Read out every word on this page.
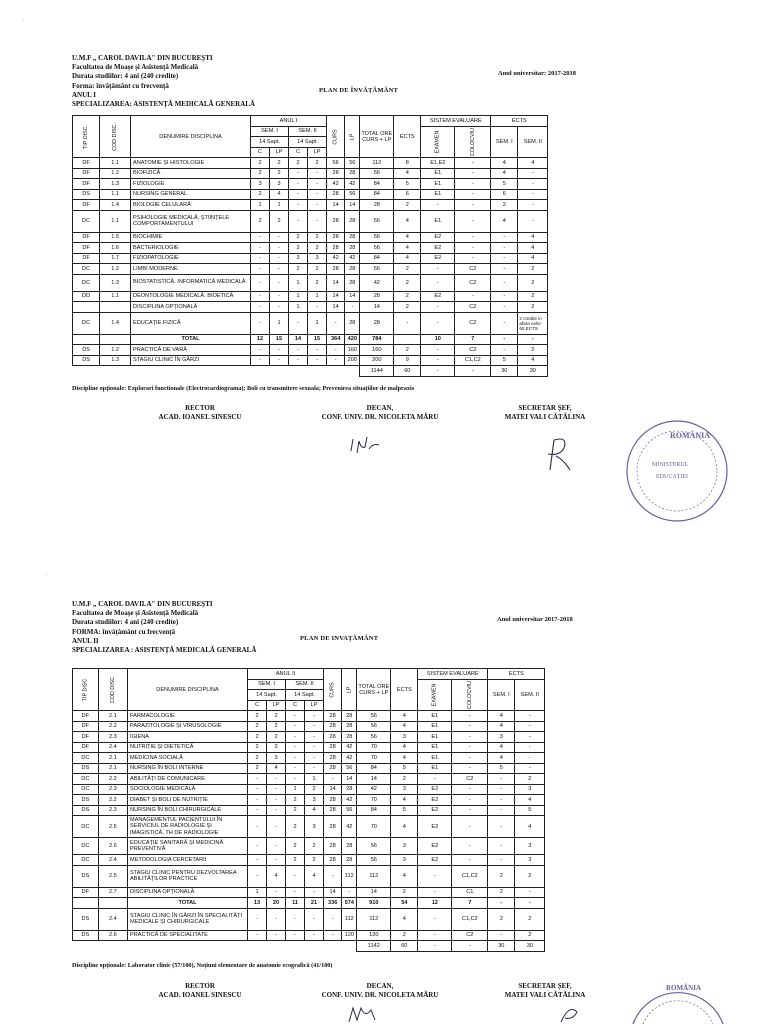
U.M.F „ CAROL DAVILA" DIN BUCUREȘTI
Facultatea de Moașe și Asistență Medicală
Durata studiilor: 4 ani (240 credite)
Forma: învățământ cu frecvență
ANUL I
SPECIALIZAREA: ASISTENȚĂ MEDICALĂ GENERALĂ
Anul universitar: 2017-2018
PLAN DE ÎNVĂȚĂMÂNT
TIP DISC.	COD DISC.	DENUMIRE DISCIPLINA	ANUL I				CURS	LP	TOTAL ORE CURS + LP	ECTS	SISTEM EVALUARE		ECTS	
			SEM. I		SEM. II						EXAMEN	COLOCVIU	SEM. I	SEM. II
			14 Sapt.		14 Sapt.									
			C	LP	C	LP								
DF	1.1	ANATOMIE ȘI HISTOLOGIE	2	2	2	2	56	56	112	8	E1,E2	-	4	4
DF	1.2	BIOFIZICĂ	2	2	-	-	28	28	56	4	E1	-	4	-
DF	1.3	FIZIOLOGIE	3	3	-	-	42	42	84	5	E1	-	5	-
DS	1.1	NURSING GENERAL	2	4	-	-	28	56	84	6	E1	-	6	-
DF	1.4	BIOLOGIE CELULARĂ	1	1	-	-	14	14	28	2	-	-	2	-
DC	1.1	PSIHOLOGIE MEDICALĂ. ȘTIINȚELE COMPORTAMENTULUI	2	2	-	-	28	28	56	4	E1	-	4	-
DF	1.5	BIOCHIMIE	-	-	2	2	28	28	56	4	E2	-	-	4
DF	1.6	BACTERIOLOGIE	-	-	2	2	28	28	56	4	E2	-	-	4
DF	1.7	FIZIOPATOLOGIE	-	-	3	3	42	42	84	4	E2	-	-	4
DC	1.2	LIMBI MODERNE	-	-	2	2	28	28	56	2	-	C2	-	2
DC	1.3	BIOSTATISTICĂ. INFORMATICĂ MEDICALĂ	-	-	1	2	14	28	42	2	-	C2	-	2
DD	1.1	DEONTOLOGIE MEDICALĂ. BIOETICĂ	-	-	1	1	14	14	28	2	E2	-	-	2
		DISCIPLINA OPȚIONALĂ	-	-	1	-	14	-	14	2	-	C2	-	2
DC	1.4	EDUCAȚIE FIZICĂ	-	1	-	1	-	28	28	-	-	C2	-	2 credite in afara celor 60 ECTS
		TOTAL	12	15	14	15	364	420	784		10	7	-	-
DS	1.2	PRACTICĂ DE VARĂ	-	-	-	-	-	160	160	2	-	C2	-	2
DS	1.3	STAGIU CLINIC ÎN GĂRZI	-	-	-	-	-	200	200	9	-	C1,C2	5	4
									1144	60	-	-	30	30
Discipline opționale: Explorari functionale (Electrocardiograma); Boli cu transmitere sexuala; Prevenirea situațiilor de malpraxis
RECTOR
ACAD. IOANEL SINESCU
DECAN,
CONF. UNIV. DR. NICOLETA MĂRU
SECRETAR ȘEF,
MATEI VALI CĂTĂLINA
ROMÂNIA
MINISTERUL
EDUCAȚIEI
U.M.F „ CAROL DAVILA" DIN BUCUREȘTI
Facultatea de Moașe și Asistență Medicală
Durata studiilor: 4 ani (240 credite)
FORMA: învățământ cu frecvență
ANUL II
SPECIALIZAREA : ASISTENȚĂ MEDICALĂ GENERALĂ
Anul universitar 2017-2018
PLAN DE INVAȚĂMÂNT
TIP DISC	COD DISC	DENUMIRE DISCIPLINA	ANUL II				CURS	LP	TOTAL ORE CURS + LP	ECTS	SISTEM EVALUARE		ECTS	
			SEM. I		SEM. II						EXAMEN	COLOCVIU	SEM. I	SEM. II
			14 Sapt.		14 Sapt.									
			C	LP	C	LP								
DF	2.1	FARMACOLOGIE	2	2	-	-	28	28	56	4	E1	-	4	-
DF	2.2	PARAZITOLOGIE ȘI VIRUSOLOGIE	2	2	-	-	28	28	56	4	E1	-	4	-
DF	2.3	IGIENA	2	2	-	-	28	28	56	3	E1	-	3	-
DF	2.4	NUTRIȚIE ȘI DIETETICĂ	2	3	-	-	28	42	70	4	E1	-	4	-
DC	2.1	MEDICINA SOCIALĂ	2	3	-	-	28	42	70	4	E1	-	4	-
DS	2.1	NURSING ÎN BOLI INTERNE	2	4	-	-	28	56	84	5	E1	-	5	-
DC	2.2	ABILITĂȚI DE COMUNICARE	-	-	-	1	-	14	14	2	-	C2	-	2
DC	2.3	SOCIOLOGIE MEDICALĂ	-	-	1	2	14	28	42	3	E2	-	-	3
DS	2.2	DIABET ȘI BOLI DE NUTRIȚIE	-	-	2	3	28	42	70	4	E2	-	-	4
DS	2.3	NURSING ÎN BOLI CHIRURGICALE	-	-	2	4	28	56	84	5	E2	-	-	5
DC	2.5	MANAGEMENTUL PACIENTULUI ÎN SERVICIUL DE RADIOLOGIE ȘI IMAGISTICĂ. TH DE RADIOLOGIE	-	-	2	3	28	42	70	4	E2	-	-	4
DC	2.6	EDUCAȚIE SANITARĂ ȘI MEDICINĂ PREVENTIVĂ	-	-	2	2	28	28	56	3	E2	-	-	3
DC	2.4	METODOLOGIA CERCETARII	-	-	2	2	28	28	56	3	E2	-	-	3
DS	2.5	STAGIU CLINIC PENTRU DEZVOLTAREA ABILITĂȚILOR PRACTICE	-	4	-	4	-	112	112	4	-	C1,C2	2	2
DF	2.7	DISCIPLINA OPȚIONALĂ	1	-	-	-	14	-	14	2	-	C1	2	-
		TOTAL	13	20	11	21	336	574	910	54	12	7	-	-
DS	2.4	STAGIU CLINIC ÎN GĂRZI ÎN SPECIALITĂȚI MEDICALE ȘI CHIRURGICALE	-	-	-	-	-	112	112	4	-	C1,C2	2	2
DS	2.6	PRACTICĂ DE SPECIALITATE	-	-	-	-	-	120	120	2	-	C2	-	2
									1142	60	-	-	30	30
Discipline opționale: Laborator clinic (57/100), Noțiuni elementare de anatomie ecografică (41/100)
RECTOR
ACAD. IOANEL SINESCU
DECAN,
CONF. UNIV. DR. NICOLETA MĂRU
SECRETAR ȘEF,
MATEI VALI CĂTĂLINA
ROMÂNIA
·
·
